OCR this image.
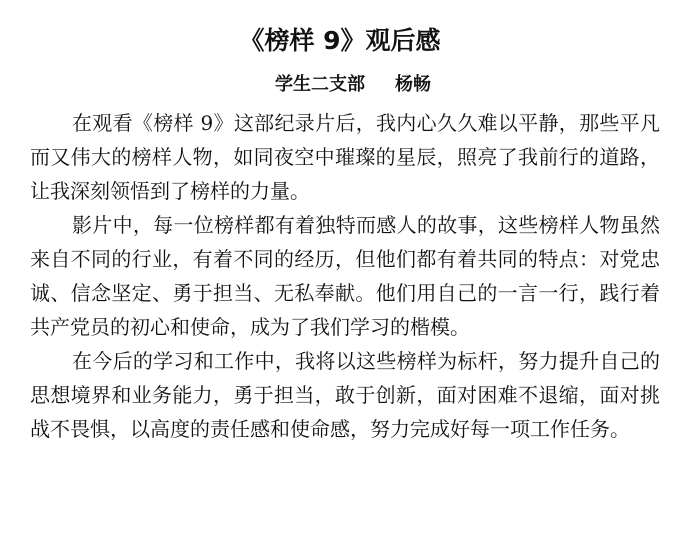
《榜样 9》观后感
学生二支部 杨畅

在观看《榜样 9》这部纪录片后，我内心久久难以平静，那些平凡而又伟大的榜样人物，如同夜空中璀璨的星辰，照亮了我前行的道路，让我深刻领悟到了榜样的力量。

影片中，每一位榜样都有着独特而感人的故事，这些榜样人物虽然来自不同的行业，有着不同的经历，但他们都有着共同的特点：对党忠诚、信念坚定、勇于担当、无私奉献。他们用自己的一言一行，践行着共产党员的初心和使命，成为了我们学习的楷模。

在今后的学习和工作中，我将以这些榜样为标杆，努力提升自己的思想境界和业务能力，勇于担当，敢于创新，面对困难不退缩，面对挑战不畏惧，以高度的责任感和使命感，努力完成好每一项工作任务。
